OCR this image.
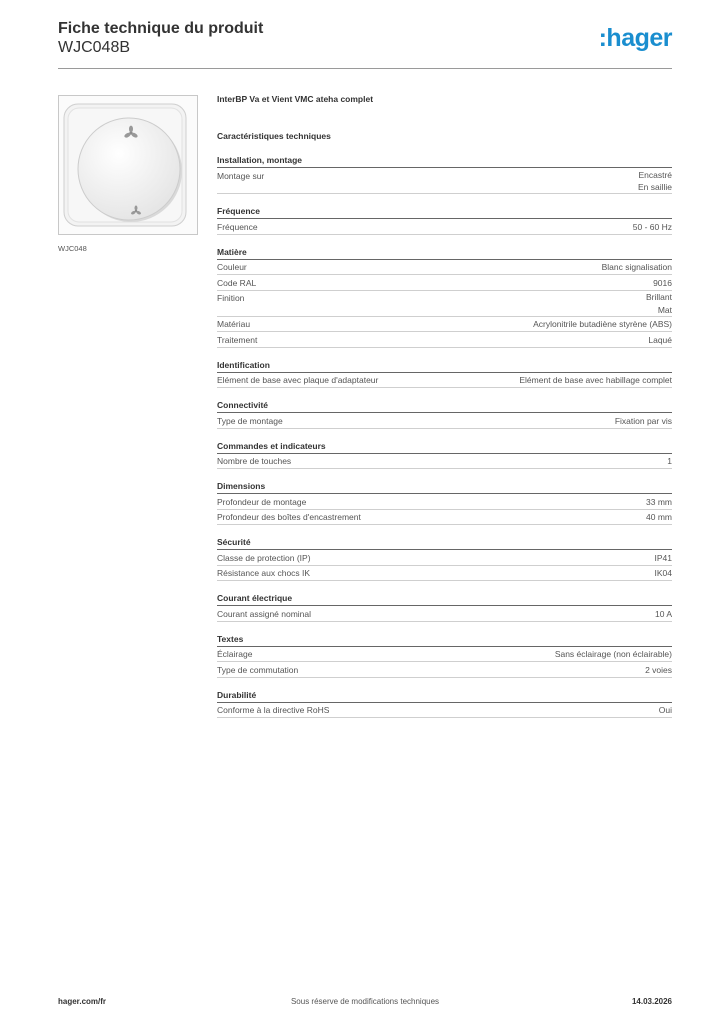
Fiche technique du produit
WJC048B	:hager
WJC048
InterBP Va et Vient VMC ateha complet
Caractéristiques techniques
Installation, montage
Montage sur	Encastré
En saillie
Fréquence
Fréquence	50 - 60 Hz
Matière
Couleur	Blanc signalisation
Code RAL	9016
Finition	Brillant
Mat
Matériau	Acrylonitrile butadiène styrène (ABS)
Traitement	Laqué
Identification
Elément de base avec plaque d'adaptateur	Elément de base avec habillage complet
Connectivité
Type de montage	Fixation par vis
Commandes et indicateurs
Nombre de touches	1
Dimensions
Profondeur de montage	33 mm
Profondeur des boîtes d'encastrement	40 mm
Sécurité
Classe de protection (IP)	IP41
Résistance aux chocs IK	IK04
Courant électrique
Courant assigné nominal	10 A
Textes
Éclairage	Sans éclairage (non éclairable)
Type de commutation	2 voies
Durabilité
Conforme à la directive RoHS	Oui
hager.com/fr	Sous réserve de modifications techniques	14.03.2026
